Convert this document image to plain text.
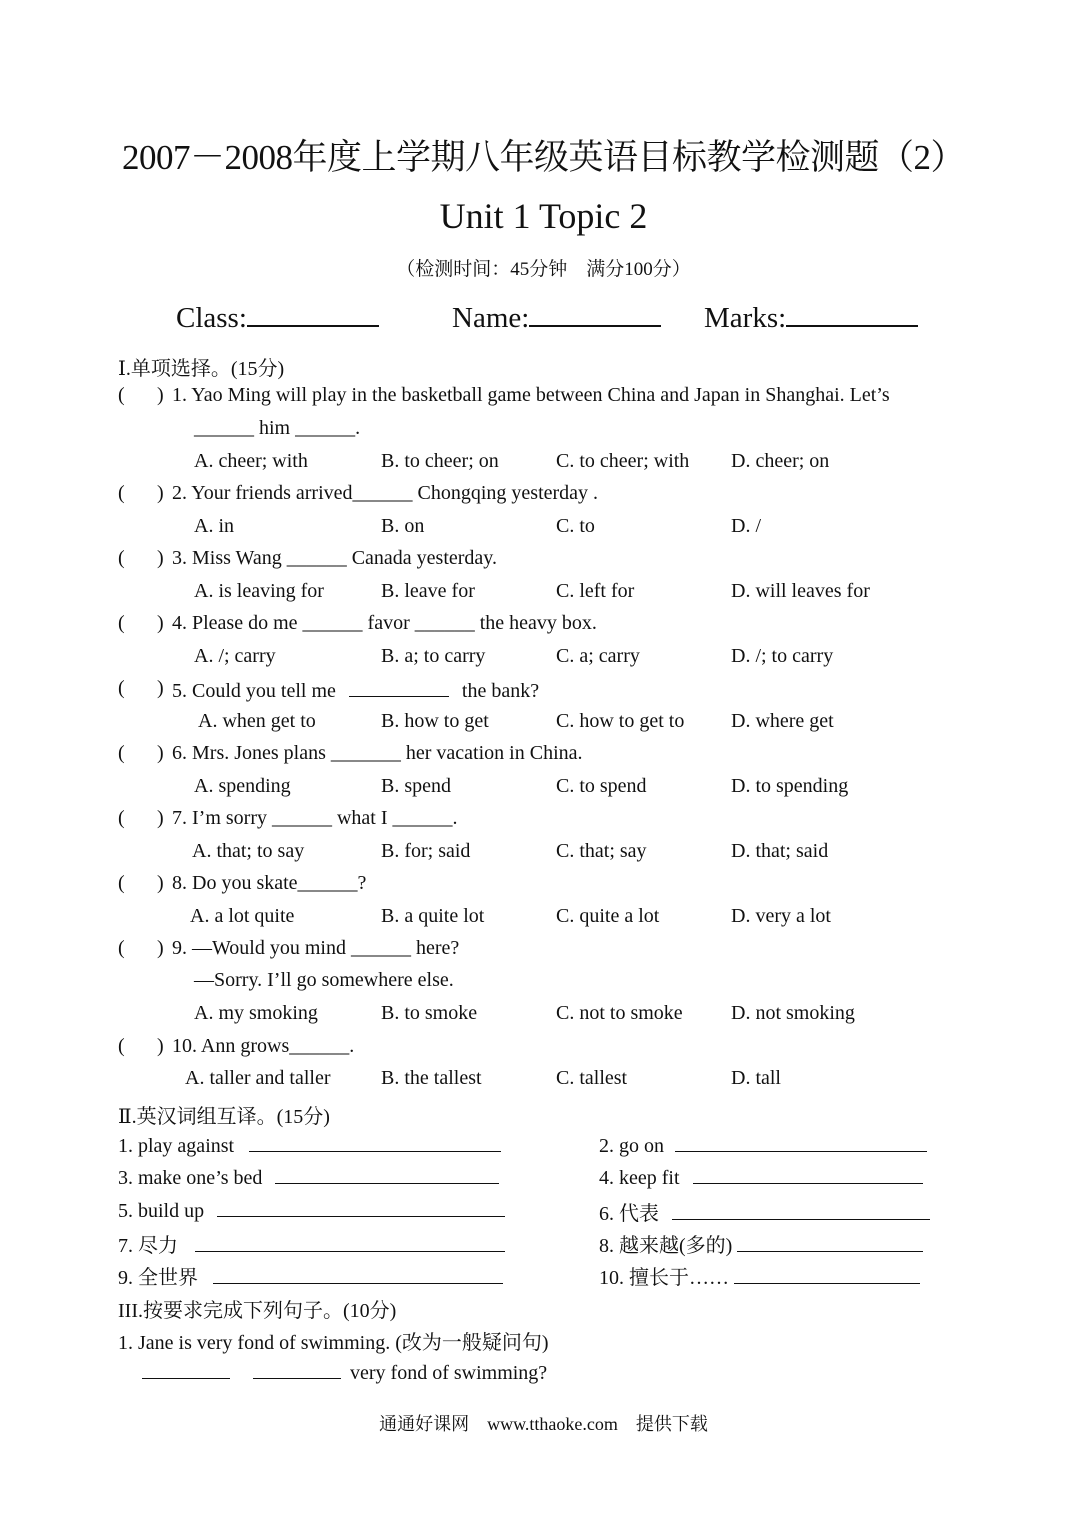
2007－2008年度上学期八年级英语目标教学检测题（2）
Unit 1 Topic 2
（检测时间：45分钟　满分100分）
Class:	Name:	Marks:
Ⅰ.单项选择。(15分)
( ) 1. Yao Ming will play in the basketball game between China and Japan in Shanghai. Let’s
______ him ______.
A. cheer; with	B. to cheer; on	C. to cheer; with D. cheer; on
( ) 2. Your friends arrived______ Chongqing yesterday .
A. in	B. on	C. to	D. /
( ) 3. Miss Wang ______ Canada yesterday.
A. is leaving for	B. leave for	C. left for	D. will leaves for
( ) 4. Please do me ______ favor ______ the heavy box.
A. /; carry	B. a; to carry	C. a; carry	D. /; to carry
( ) 5. Could you tell me	the bank?
A. when get to	B. how to get	C. how to get to D. where get
( ) 6. Mrs. Jones plans _______ her vacation in China.
A. spending	B. spend	C. to spend	D. to spending
( ) 7. I’m sorry ______ what I ______.
A. that; to say	B. for; said	C. that; say	D. that; said
( ) 8. Do you skate______?
A. a lot quite	B. a quite lot	C. quite a lot	D. very a lot
( ) 9. —Would you mind ______ here?
—Sorry. I’ll go somewhere else.
A. my smoking	B. to smoke	C. not to smoke D. not smoking
( ) 10. Ann grows______.
A. taller and taller	B. the tallest	C. tallest	D. tall
Ⅱ.英汉词组互译。(15分)
1. play against	2. go on
3. make one’s bed	4. keep fit
5. build up	6. 代表
7. 尽力	8. 越来越(多的)
9. 全世界	10. 擅长于……
III.按要求完成下列句子。(10分)
1. Jane is very fond of swimming. (改为一般疑问句)
very fond of swimming?
通通好课网　www.tthaoke.com　提供下载
